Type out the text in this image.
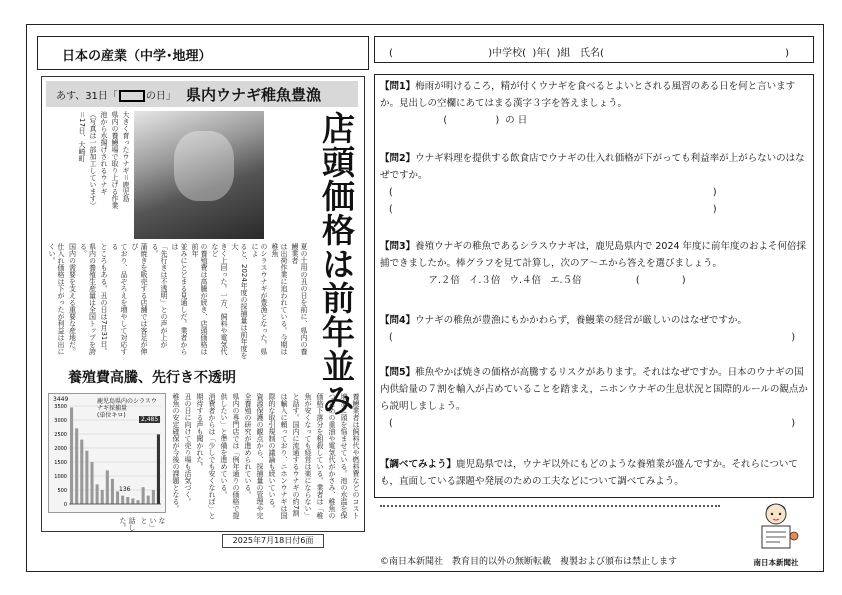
日本の産業（中学･地理）	(                              )中学校(  )年(  )組   氏名(                                                         )
あす、31日「	の日」 県内ウナギ稚魚豊漁
大きく育ったウナギ＝鹿児島
県内の養鰻場で取り上げる作業
池から水揚げされるウナギ
（写真は一部加工しています）
＝17日、大崎町	店頭価格は前年並み
夏の土用の丑の日を前に、県内の養鰻業者
は出荷作業に追われている。今期は稚魚
のシラスウナギが豊漁となった。県によ
ると、2024年度の採捕量は前年度を大
きく上回った。一方、飼料や電気代など
の養殖費は高騰が続き、店頭価格は前年
並みにとどまる見通しだ。業者からは
「先行きは不透明」との声が上がる。
蒲焼きを販売する店舗では客足が伸び
ており、品ぞろえを増やして対応する
ところもある。丑の日は7月31日。
県内の養殖生産量は全国トップを誇る。
国内の需要を支える重要な産地だ。
仕入れ価格は下がったが利益は出にくい。
養殖費高騰、先行き不透明
0
500
1000
1500
2000
2500
3000
3500
鹿児島県内のシラスウナギ採捕量
(単位キロ)
2,485
3449
136
ない」と
話した。
養鰻業者は飼料代や燃料費などのコスト
増加に頭を悩ませている。池の水温を保
つための重油や電気代がかさみ、稚魚の
価格下落分を相殺している。業者は「稚
魚が安くなっても経営は楽にならない」
と話す。国内に流通するウナギの約7割
は輸入に頼っており、ニホンウナギは国
際的な取引規制の議論も続いている。
資源保護の観点から、採捕量の管理や完
全養殖の研究が進められている。
県内の専門店では「例年通りの価格で提
供したい」と準備を進めている。
消費者からは「少しでも安くなれば」と
期待する声も聞かれた。
丑の日に向けて売り場も活気づく。
稚魚の安定確保が今後の課題となる。
2025年7月18日付6面
【問1】梅雨が明けるころ，精が付くウナギを食べるとよいとされる風習のある日を何と言いますか。見出しの空欄にあてはまる漢字３字を答えましょう。
(                )  の 日
【問2】ウナギ料理を提供する飲食店でウナギの仕入れ価格が下がっても利益率が上がらないのはなぜですか。
(                                                                                                          )
(                                                                                                          )
【問3】養殖ウナギの稚魚であるシラスウナギは，鹿児島県内で 2024 年度に前年度のおよそ何倍採捕できましたか。棒グラフを見て計算し，次のア～エから答えを選びましょう。
ア.２倍   イ.３倍   ウ.４倍   エ.５倍                  (              )
【問4】ウナギの稚魚が豊漁にもかかわらず，養鰻業の経営が厳しいのはなぜですか。
(                                                                                                                                    )
【問5】稚魚やかば焼きの価格が高騰するリスクがあります。それはなぜですか。日本のウナギの国内供給量の７割を輸入が占めていることを踏まえ，ニホンウナギの生息状況と国際的ルールの観点から説明しましょう。
(                                                                                                                                    )
【調べてみよう】鹿児島県では，ウナギ以外にもどのような養殖業が盛んですか。それらについても，直面している課題や発展のための工夫などについて調べてみよう。
©南日本新聞社　教育目的以外の無断転載　複製および頒布は禁止します	南日本新聞社
